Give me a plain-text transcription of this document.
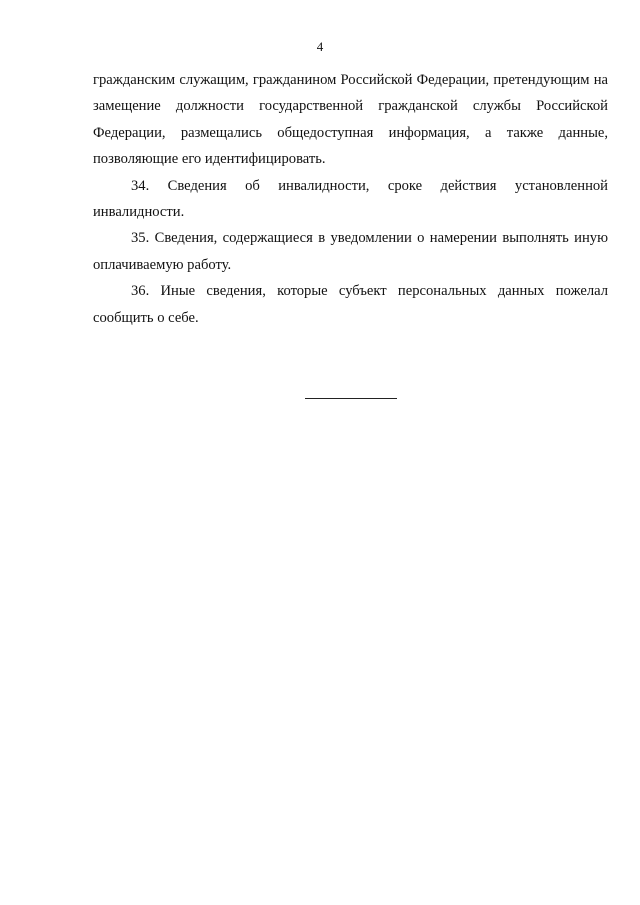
4

гражданским служащим, гражданином Российской Федерации, претендующим на замещение должности государственной гражданской службы Российской Федерации, размещались общедоступная информация, а также данные, позволяющие его идентифицировать.

34. Сведения об инвалидности, сроке действия установленной инвалидности.

35. Сведения, содержащиеся в уведомлении о намерении выполнять иную оплачиваемую работу.

36. Иные сведения, которые субъект персональных данных пожелал сообщить о себе.
